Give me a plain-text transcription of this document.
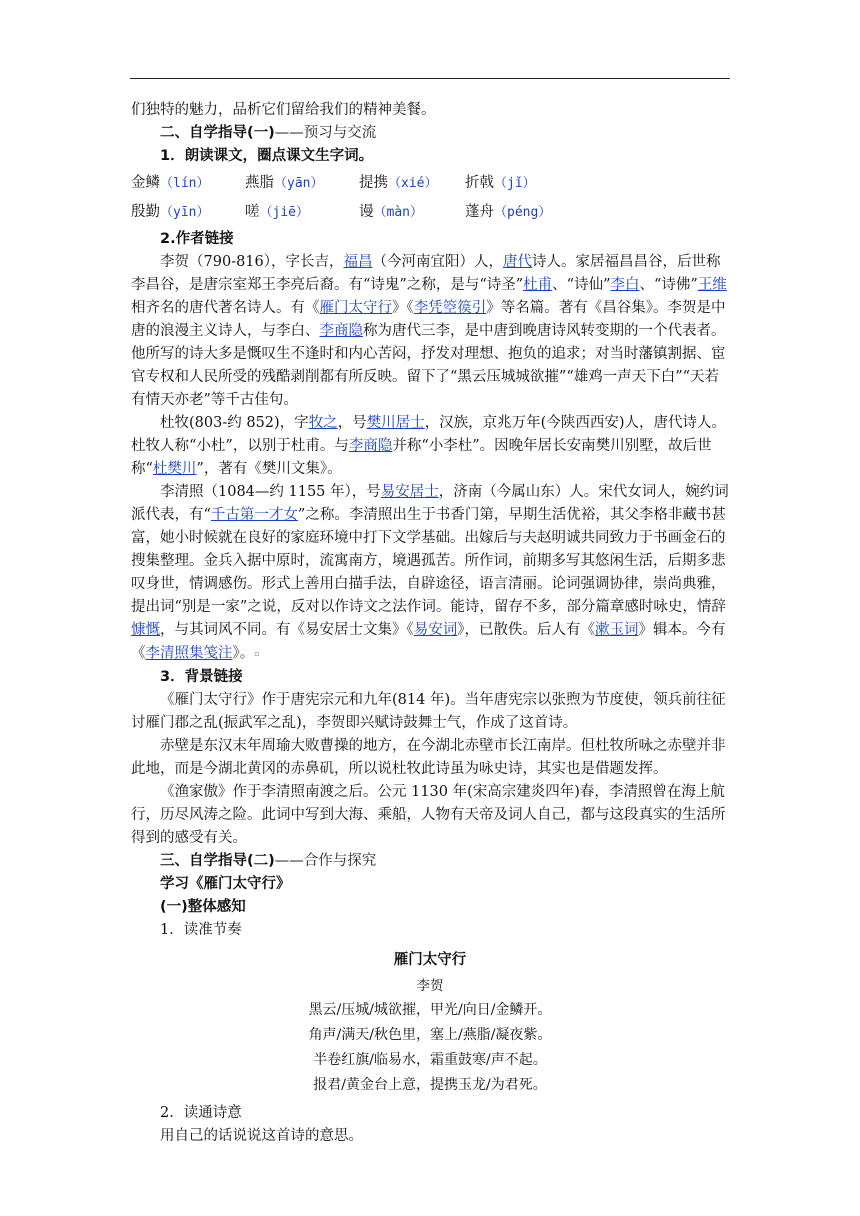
们独特的魅力，品析它们留给我们的精神美餐。

二、自学指导(一)——预习与交流

1．朗读课文，圈点课文生字词。

金鳞（lín）	燕脂（yān）	提携（xié）	折戟（jǐ）
殷勤（yīn）	嗟（jiē）	谩（màn）	蓬舟（péng）

2.作者链接

李贺（790-816），字长吉，福昌（今河南宜阳）人，唐代诗人。家居福昌昌谷，后世称李昌谷，是唐宗室郑王李亮后裔。有“诗鬼”之称，是与“诗圣”杜甫、“诗仙”李白、“诗佛”王维相齐名的唐代著名诗人。有《雁门太守行》《李凭箜篌引》等名篇。著有《昌谷集》。李贺是中唐的浪漫主义诗人，与李白、李商隐称为唐代三李，是中唐到晚唐诗风转变期的一个代表者。他所写的诗大多是慨叹生不逢时和内心苦闷，抒发对理想、抱负的追求；对当时藩镇割据、宦官专权和人民所受的残酷剥削都有所反映。留下了“黑云压城城欲摧”“雄鸡一声天下白”“天若有情天亦老”等千古佳句。

杜牧(803-约 852)，字牧之，号樊川居士，汉族，京兆万年(今陕西西安)人，唐代诗人。杜牧人称“小杜”，以别于杜甫。与李商隐并称“小李杜”。因晚年居长安南樊川别墅，故后世称“杜樊川”，著有《樊川文集》。

李清照（1084—约 1155 年），号易安居士，济南（今属山东）人。宋代女词人，婉约词派代表，有“千古第一才女”之称。李清照出生于书香门第，早期生活优裕，其父李格非藏书甚富，她小时候就在良好的家庭环境中打下文学基础。出嫁后与夫赵明诚共同致力于书画金石的搜集整理。金兵入据中原时，流寓南方，境遇孤苦。所作词，前期多写其悠闲生活，后期多悲叹身世，情调感伤。形式上善用白描手法，自辟途径，语言清丽。论词强调协律，崇尚典雅，提出词“别是一家”之说，反对以作诗文之法作词。能诗，留存不多，部分篇章感时咏史，情辞慷慨，与其词风不同。有《易安居士文集》《易安词》，已散佚。后人有《漱玉词》辑本。今有《李清照集笺注》。▫

3．背景链接

《雁门太守行》作于唐宪宗元和九年(814 年)。当年唐宪宗以张煦为节度使，领兵前往征讨雁门郡之乱(振武军之乱)，李贺即兴赋诗鼓舞士气，作成了这首诗。

赤壁是东汉末年周瑜大败曹操的地方，在今湖北赤壁市长江南岸。但杜牧所咏之赤壁并非此地，而是今湖北黄冈的赤鼻矶，所以说杜牧此诗虽为咏史诗，其实也是借题发挥。

《渔家傲》作于李清照南渡之后。公元 1130 年(宋高宗建炎四年)春，李清照曾在海上航行，历尽风涛之险。此词中写到大海、乘船，人物有天帝及词人自己，都与这段真实的生活所得到的感受有关。

三、自学指导(二)——合作与探究

学习《雁门太守行》

(一)整体感知

1．读准节奏

雁门太守行
李贺
黑云/压城/城欲摧，甲光/向日/金鳞开。
角声/满天/秋色里，塞上/燕脂/凝夜紫。
半卷红旗/临易水，霜重鼓寒/声不起。
报君/黄金台上意，提携玉龙/为君死。

2．读通诗意

用自己的话说说这首诗的意思。
